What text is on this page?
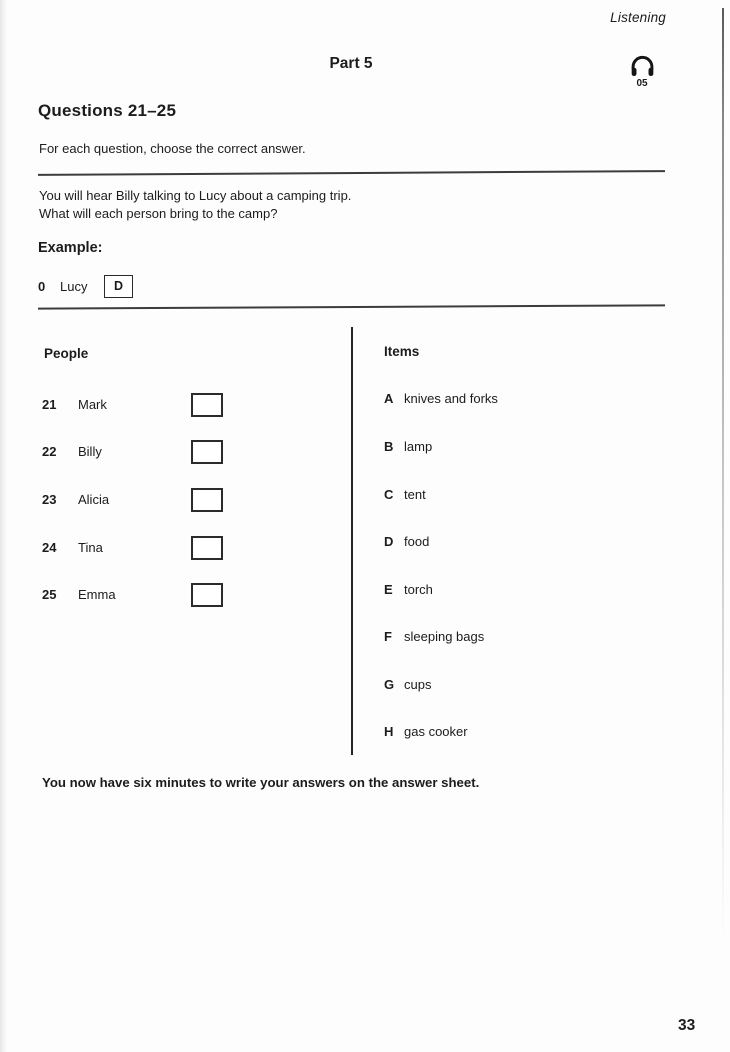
Listening
Part 5
05
Questions 21–25
For each question, choose the correct answer.
You will hear Billy talking to Lucy about a camping trip.
What will each person bring to the camp?
Example:
0	Lucy	D
People
21	Mark
22	Billy
23	Alicia
24	Tina
25	Emma
Items
A knives and forks
B lamp
C tent
D food
E torch
F sleeping bags
G cups
H gas cooker
You now have six minutes to write your answers on the answer sheet.
33
